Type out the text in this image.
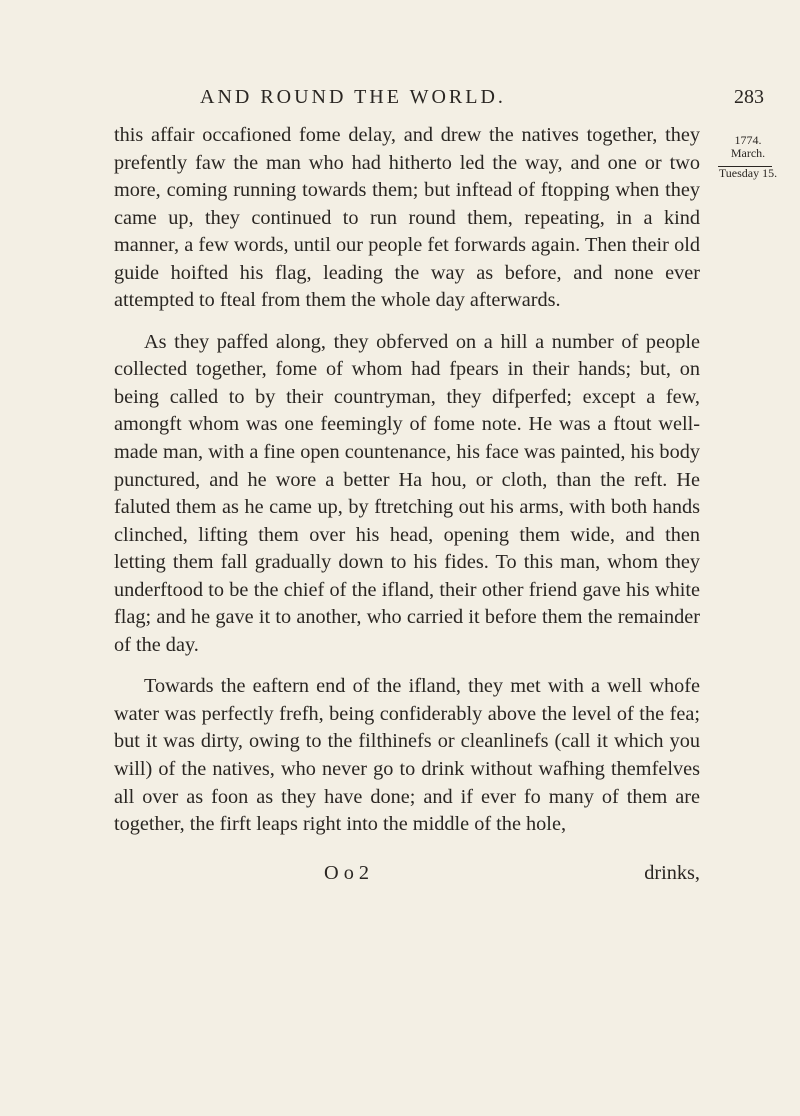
AND ROUND THE WORLD.	283
1774.
March.
Tuesday 15.

this affair occafioned fome delay, and drew the natives together, they prefently faw the man who had hitherto led the way, and one or two more, coming running towards them; but inftead of ftopping when they came up, they continued to run round them, repeating, in a kind manner, a few words, until our people fet forwards again. Then their old guide hoifted his flag, leading the way as before, and none ever attempted to fteal from them the whole day afterwards.

As they paffed along, they obferved on a hill a number of people collected together, fome of whom had fpears in their hands; but, on being called to by their countryman, they difperfed; except a few, amongft whom was one feemingly of fome note. He was a ftout well-made man, with a fine open countenance, his face was painted, his body punctured, and he wore a better Ha hou, or cloth, than the reft. He faluted them as he came up, by ftretching out his arms, with both hands clinched, lifting them over his head, opening them wide, and then letting them fall gradually down to his fides. To this man, whom they underftood to be the chief of the ifland, their other friend gave his white flag; and he gave it to another, who carried it before them the remainder of the day.

Towards the eaftern end of the ifland, they met with a well whofe water was perfectly frefh, being confiderably above the level of the fea; but it was dirty, owing to the filthinefs or cleanlinefs (call it which you will) of the natives, who never go to drink without wafhing themfelves all over as foon as they have done; and if ever fo many of them are together, the firft leaps right into the middle of the hole,

O o 2	drinks,
